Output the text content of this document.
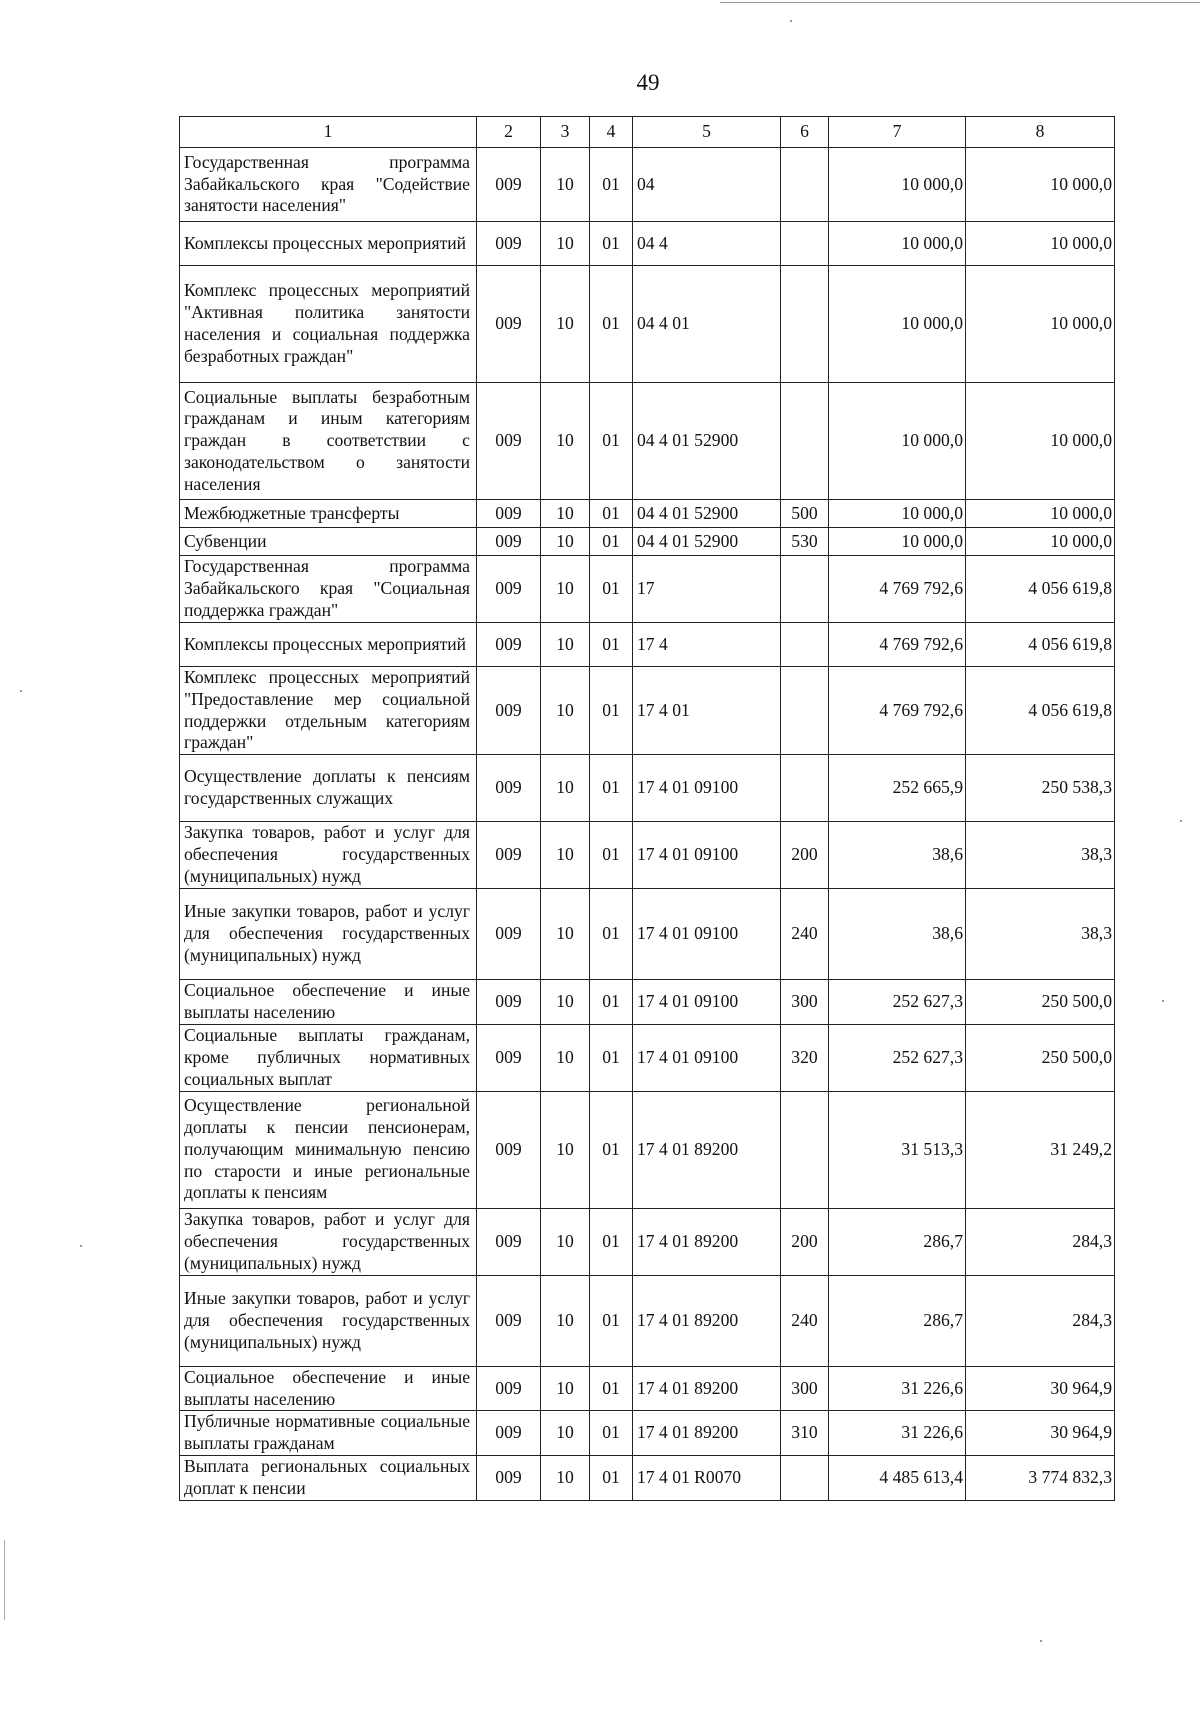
49
1	2	3	4	5	6	7	8
Государственная программа Забайкальского края "Содействие занятости населения"	009	10	01	04		10 000,0	10 000,0
Комплексы процессных мероприятий	009	10	01	04 4		10 000,0	10 000,0
Комплекс процессных мероприятий "Активная политика занятости населения и социальная поддержка безработных граждан"	009	10	01	04 4 01		10 000,0	10 000,0
Социальные выплаты безработным гражданам и иным категориям граждан в соответствии с законодательством о занятости населения	009	10	01	04 4 01 52900		10 000,0	10 000,0
Межбюджетные трансферты	009	10	01	04 4 01 52900	500	10 000,0	10 000,0
Субвенции	009	10	01	04 4 01 52900	530	10 000,0	10 000,0
Государственная программа Забайкальского края "Социальная поддержка граждан"	009	10	01	17		4 769 792,6	4 056 619,8
Комплексы процессных мероприятий	009	10	01	17 4		4 769 792,6	4 056 619,8
Комплекс процессных мероприятий "Предоставление мер социальной поддержки отдельным категориям граждан"	009	10	01	17 4 01		4 769 792,6	4 056 619,8
Осуществление доплаты к пенсиям государственных служащих	009	10	01	17 4 01 09100		252 665,9	250 538,3
Закупка товаров, работ и услуг для обеспечения государственных (муниципальных) нужд	009	10	01	17 4 01 09100	200	38,6	38,3
Иные закупки товаров, работ и услуг для обеспечения государственных (муниципальных) нужд	009	10	01	17 4 01 09100	240	38,6	38,3
Социальное обеспечение и иные выплаты населению	009	10	01	17 4 01 09100	300	252 627,3	250 500,0
Социальные выплаты гражданам, кроме публичных нормативных социальных выплат	009	10	01	17 4 01 09100	320	252 627,3	250 500,0
Осуществление региональной доплаты к пенсии пенсионерам, получающим минимальную пенсию по старости и иные региональные доплаты к пенсиям	009	10	01	17 4 01 89200		31 513,3	31 249,2
Закупка товаров, работ и услуг для обеспечения государственных (муниципальных) нужд	009	10	01	17 4 01 89200	200	286,7	284,3
Иные закупки товаров, работ и услуг для обеспечения государственных (муниципальных) нужд	009	10	01	17 4 01 89200	240	286,7	284,3
Социальное обеспечение и иные выплаты населению	009	10	01	17 4 01 89200	300	31 226,6	30 964,9
Публичные нормативные социальные выплаты гражданам	009	10	01	17 4 01 89200	310	31 226,6	30 964,9
Выплата региональных социальных доплат к пенсии	009	10	01	17 4 01 R0070		4 485 613,4	3 774 832,3
